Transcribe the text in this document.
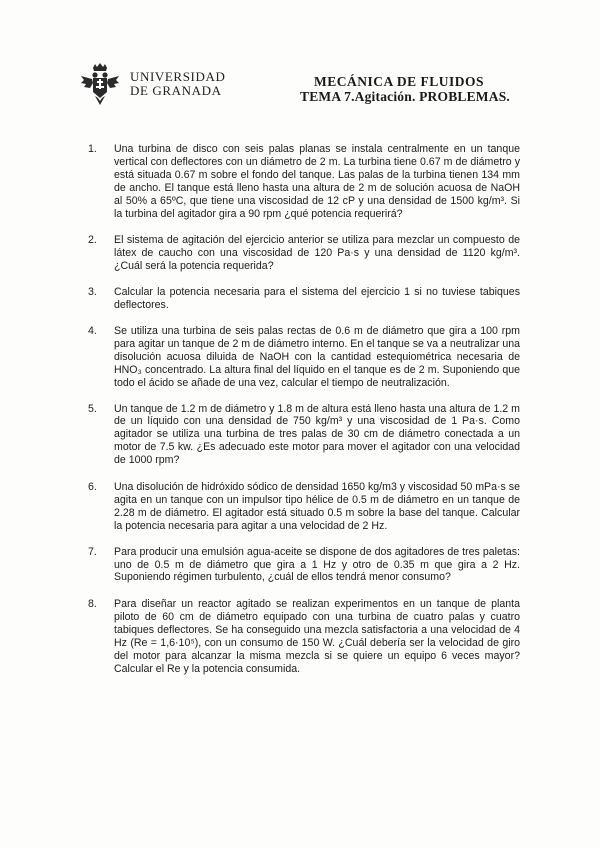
UNIVERSIDAD
DE GRANADA
MECÁNICA DE FLUIDOS
TEMA 7.Agitación. PROBLEMAS.
1. Una turbina de disco con seis palas planas se instala centralmente en un tanque vertical con deflectores con un diámetro de 2 m. La turbina tiene 0.67 m de diámetro y está situada 0.67 m sobre el fondo del tanque. Las palas de la turbina tienen 134 mm de ancho. El tanque está lleno hasta una altura de 2 m de solución acuosa de NaOH al 50% a 65ºC, que tiene una viscosidad de 12 cP y una densidad de 1500 kg/m³. Si la turbina del agitador gira a 90 rpm ¿qué potencia requerirá?
2. El sistema de agitación del ejercicio anterior se utiliza para mezclar un compuesto de látex de caucho con una viscosidad de 120 Pa·s y una densidad de 1120 kg/m³. ¿Cuál será la potencia requerida?
3. Calcular la potencia necesaria para el sistema del ejercicio 1 si no tuviese tabiques deflectores.
4. Se utiliza una turbina de seis palas rectas de 0.6 m de diámetro que gira a 100 rpm para agitar un tanque de 2 m de diámetro interno. En el tanque se va a neutralizar una disolución acuosa diluida de NaOH con la cantidad estequiométrica necesaria de HNO₃ concentrado. La altura final del líquido en el tanque es de 2 m. Suponiendo que todo el ácido se añade de una vez, calcular el tiempo de neutralización.
5. Un tanque de 1.2 m de diámetro y 1.8 m de altura está lleno hasta una altura de 1.2 m de un líquido con una densidad de 750 kg/m³ y una viscosidad de 1 Pa·s. Como agitador se utiliza una turbina de tres palas de 30 cm de diámetro conectada a un motor de 7.5 kw. ¿Es adecuado este motor para mover el agitador con una velocidad de 1000 rpm?
6. Una disolución de hidróxido sódico de densidad 1650 kg/m3 y viscosidad 50 mPa·s se agita en un tanque con un impulsor tipo hélice de 0.5 m de diámetro en un tanque de 2.28 m de diámetro. El agitador está situado 0.5 m sobre la base del tanque. Calcular la potencia necesaria para agitar a una velocidad de 2 Hz.
7. Para producir una emulsión agua-aceite se dispone de dos agitadores de tres paletas: uno de 0.5 m de diámetro que gira a 1 Hz y otro de 0.35 m que gira a 2 Hz. Suponiendo régimen turbulento, ¿cuál de ellos tendrá menor consumo?
8. Para diseñar un reactor agitado se realizan experimentos en un tanque de planta piloto de 60 cm de diámetro equipado con una turbina de cuatro palas y cuatro tabiques deflectores. Se ha conseguido una mezcla satisfactoria a una velocidad de 4 Hz (Re = 1,6·10⁵), con un consumo de 150 W. ¿Cuál debería ser la velocidad de giro del motor para alcanzar la misma mezcla si se quiere un equipo 6 veces mayor? Calcular el Re y la potencia consumida.
